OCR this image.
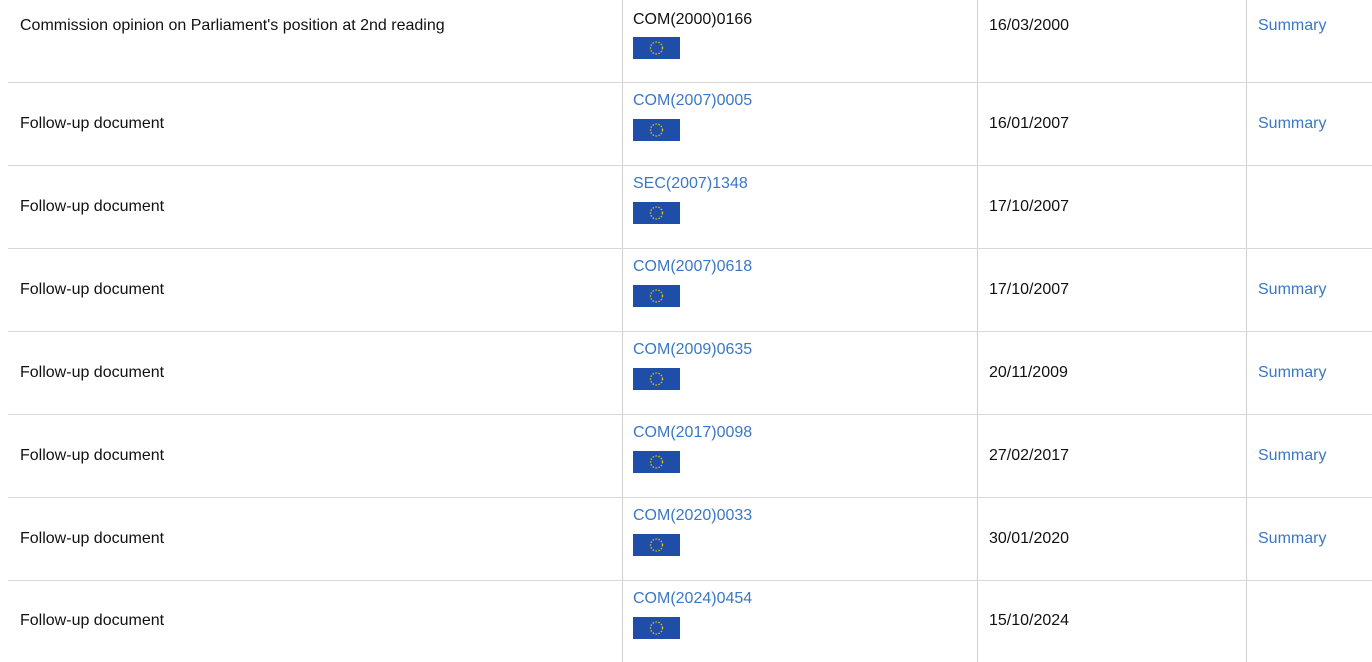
Commission opinion on Parliament's position at 2nd reading	COM(2000)0166	16/03/2000	Summary
Follow-up document	COM(2007)0005	16/01/2007	Summary
Follow-up document	SEC(2007)1348	17/10/2007	
Follow-up document	COM(2007)0618	17/10/2007	Summary
Follow-up document	COM(2009)0635	20/11/2009	Summary
Follow-up document	COM(2017)0098	27/02/2017	Summary
Follow-up document	COM(2020)0033	30/01/2020	Summary
Follow-up document	COM(2024)0454	15/10/2024	
